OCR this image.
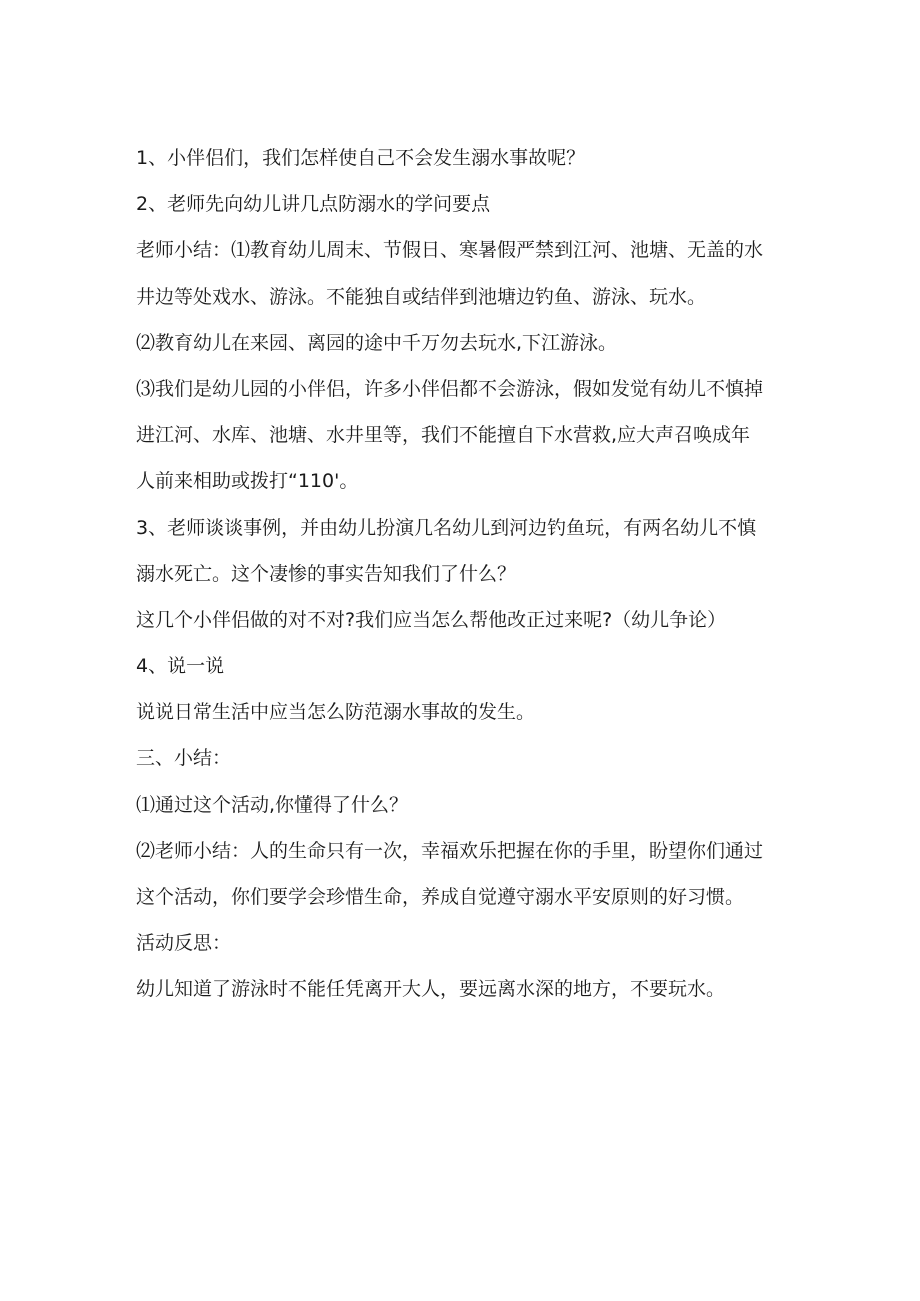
1、小伴侣们，我们怎样使自己不会发生溺水事故呢？
2、老师先向幼儿讲几点防溺水的学问要点
老师小结：⑴教育幼儿周末、节假日、寒暑假严禁到江河、池塘、无盖的水
井边等处戏水、游泳。不能独自或结伴到池塘边钓鱼、游泳、玩水。
⑵教育幼儿在来园、离园的途中千万勿去玩水,下江游泳。
⑶我们是幼儿园的小伴侣，许多小伴侣都不会游泳，假如发觉有幼儿不慎掉
进江河、水库、池塘、水井里等，我们不能擅自下水营救,应大声召唤成年
人前来相助或拨打“110'。
3、老师谈谈事例，并由幼儿扮演几名幼儿到河边钓鱼玩，有两名幼儿不慎
溺水死亡。这个凄惨的事实告知我们了什么？
这几个小伴侣做的对不对?我们应当怎么帮他改正过来呢?（幼儿争论）
4、说一说
说说日常生活中应当怎么防范溺水事故的发生。
三、小结：
⑴通过这个活动,你懂得了什么？
⑵老师小结：人的生命只有一次，幸福欢乐把握在你的手里，盼望你们通过
这个活动，你们要学会珍惜生命，养成自觉遵守溺水平安原则的好习惯。
活动反思：
幼儿知道了游泳时不能任凭离开大人，要远离水深的地方，不要玩水。
